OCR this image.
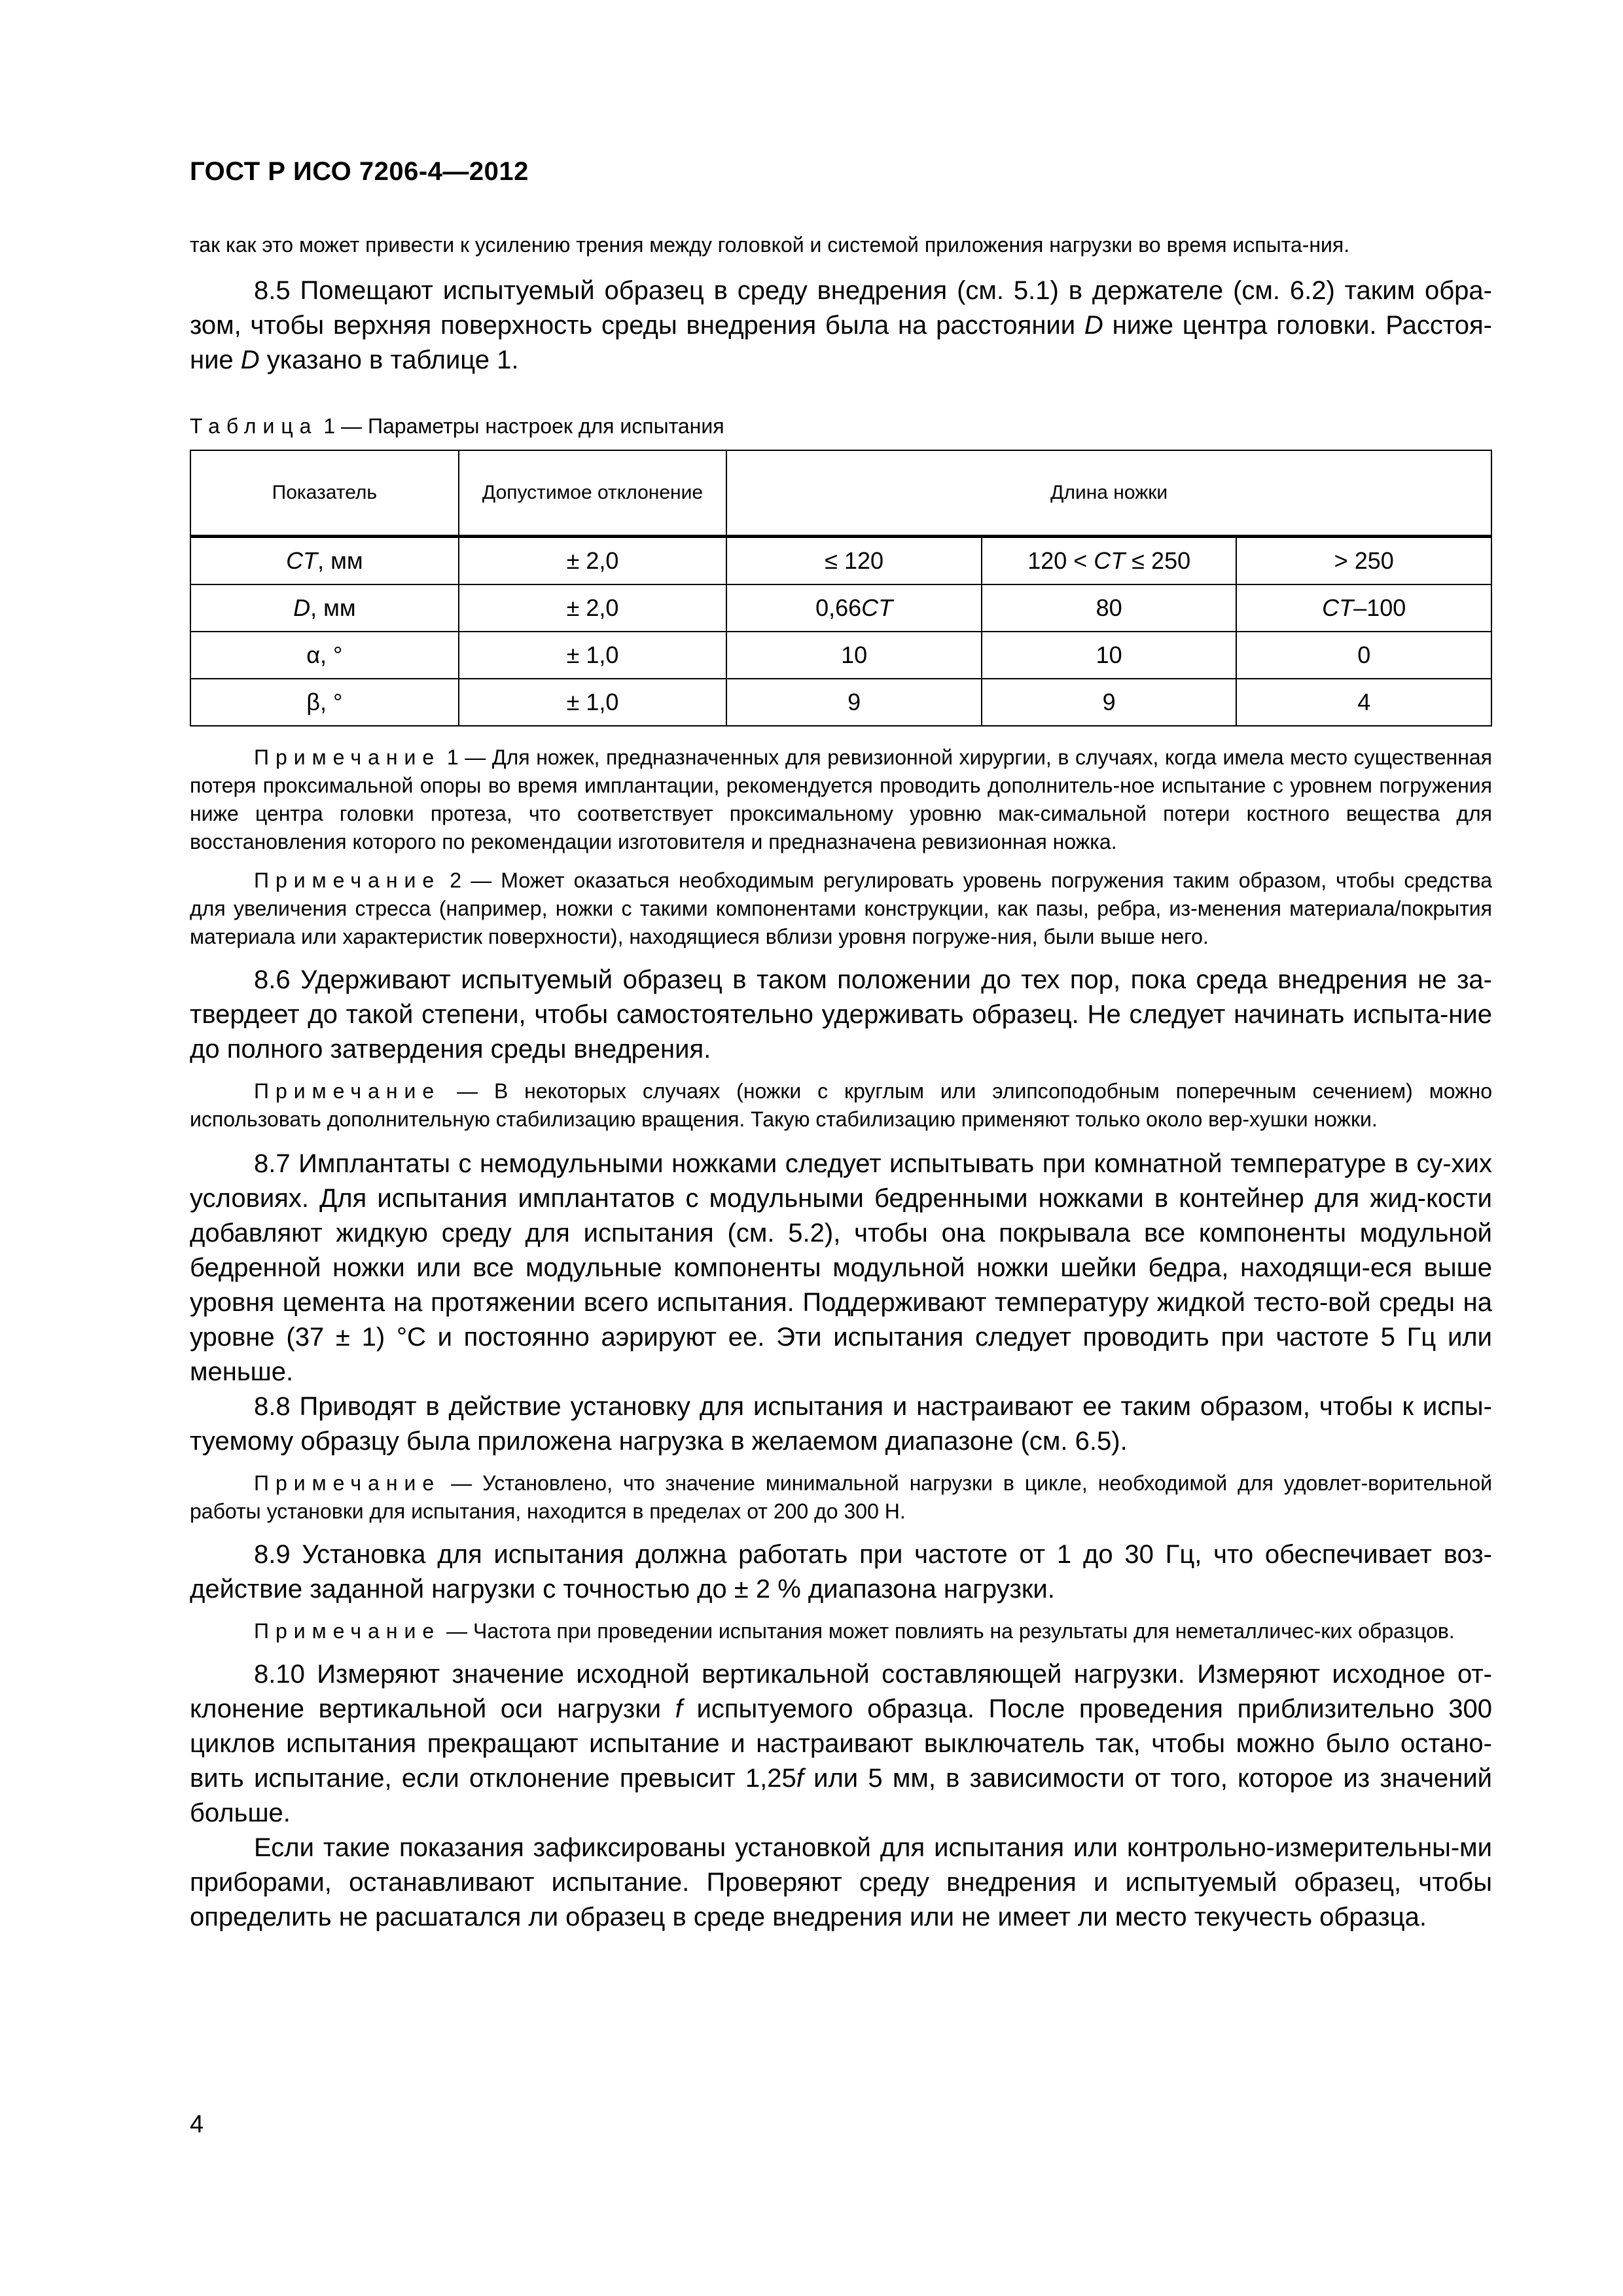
ГОСТ Р ИСО 7206-4—2012

так как это может привести к усилению трения между головкой и системой приложения нагрузки во время испыта-ния.

8.5 Помещают испытуемый образец в среду внедрения (см. 5.1) в держателе (см. 6.2) таким обра-зом, чтобы верхняя поверхность среды внедрения была на расстоянии D ниже центра головки. Расстоя-ние D указано в таблице 1.

Таблица 1 — Параметры настроек для испытания

Показатель	Допустимое отклонение	Длина ножки		
CT, мм	± 2,0	≤ 120	120 < CT ≤ 250	> 250
D, мм	± 2,0	0,66CT	80	CT–100
α, °	± 1,0	10	10	0
β, °	± 1,0	9	9	4

Примечание 1 — Для ножек, предназначенных для ревизионной хирургии, в случаях, когда имела место существенная потеря проксимальной опоры во время имплантации, рекомендуется проводить дополнитель-ное испытание с уровнем погружения ниже центра головки протеза, что соответствует проксимальному уровню мак-симальной потери костного вещества для восстановления которого по рекомендации изготовителя и предназначена ревизионная ножка.

Примечание 2 — Может оказаться необходимым регулировать уровень погружения таким образом, чтобы средства для увеличения стресса (например, ножки с такими компонентами конструкции, как пазы, ребра, из-менения материала/покрытия материала или характеристик поверхности), находящиеся вблизи уровня погруже-ния, были выше него.

8.6 Удерживают испытуемый образец в таком положении до тех пор, пока среда внедрения не за-твердеет до такой степени, чтобы самостоятельно удерживать образец. Не следует начинать испыта-ние до полного затвердения среды внедрения.

Примечание — В некоторых случаях (ножки с круглым или элипсоподобным поперечным сечением) можно использовать дополнительную стабилизацию вращения. Такую стабилизацию применяют только около вер-хушки ножки.

8.7 Имплантаты с немодульными ножками следует испытывать при комнатной температуре в су-хих условиях. Для испытания имплантатов с модульными бедренными ножками в контейнер для жид-кости добавляют жидкую среду для испытания (см. 5.2), чтобы она покрывала все компоненты модульной бедренной ножки или все модульные компоненты модульной ножки шейки бедра, находящи-еся выше уровня цемента на протяжении всего испытания. Поддерживают температуру жидкой тесто-вой среды на уровне (37 ± 1) °С и постоянно аэрируют ее. Эти испытания следует проводить при частоте 5 Гц или меньше.

8.8 Приводят в действие установку для испытания и настраивают ее таким образом, чтобы к испы-туемому образцу была приложена нагрузка в желаемом диапазоне (см. 6.5).

Примечание — Установлено, что значение минимальной нагрузки в цикле, необходимой для удовлет-ворительной работы установки для испытания, находится в пределах от 200 до 300 Н.

8.9 Установка для испытания должна работать при частоте от 1 до 30 Гц, что обеспечивает воз-действие заданной нагрузки с точностью до ± 2 % диапазона нагрузки.

Примечание — Частота при проведении испытания может повлиять на результаты для неметалличес-ких образцов.

8.10 Измеряют значение исходной вертикальной составляющей нагрузки. Измеряют исходное от-клонение вертикальной оси нагрузки f испытуемого образца. После проведения приблизительно 300 циклов испытания прекращают испытание и настраивают выключатель так, чтобы можно было остано-вить испытание, если отклонение превысит 1,25f или 5 мм, в зависимости от того, которое из значений больше.

Если такие показания зафиксированы установкой для испытания или контрольно-измерительны-ми приборами, останавливают испытание. Проверяют среду внедрения и испытуемый образец, чтобы определить не расшатался ли образец в среде внедрения или не имеет ли место текучесть образца.

4
